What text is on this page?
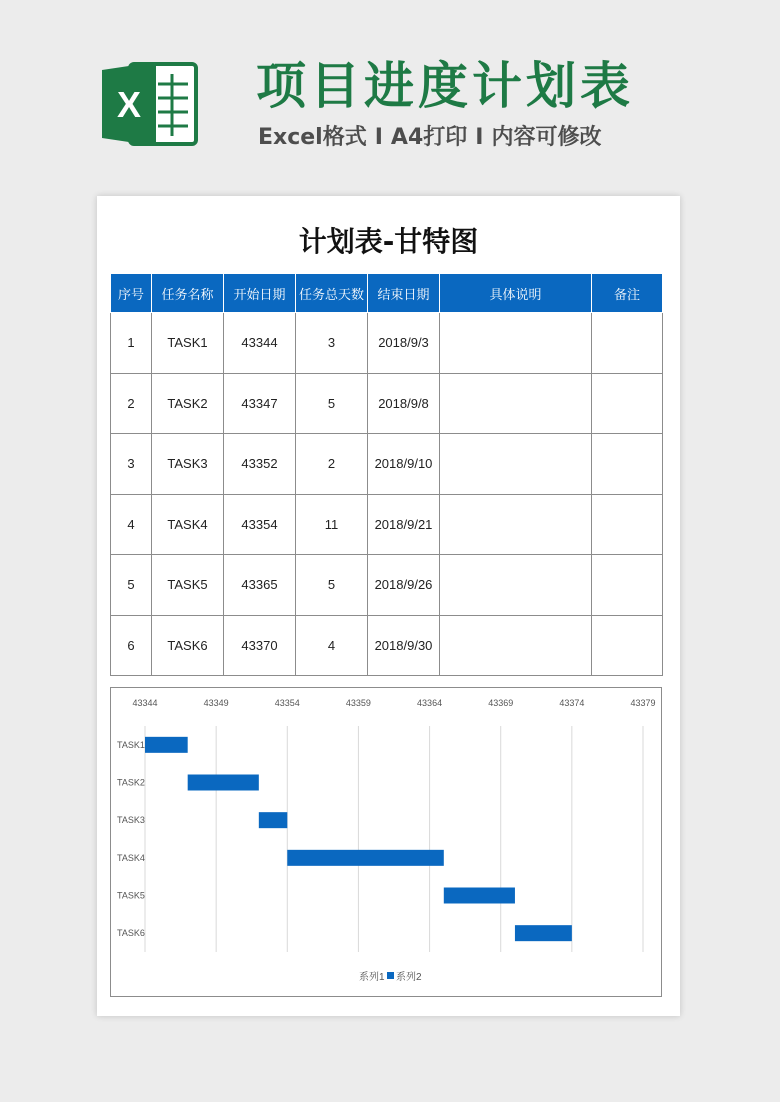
X 项目进度计划表
Excel格式 I A4打印 I 内容可修改
计划表-甘特图
序号	任务名称	开始日期	任务总天数	结束日期	具体说明	备注
1	TASK1	43344	3	2018/9/3		
2	TASK2	43347	5	2018/9/8		
3	TASK3	43352	2	2018/9/10		
4	TASK4	43354	11	2018/9/21		
5	TASK5	43365	5	2018/9/26		
6	TASK6	43370	4	2018/9/30		
43344	43349	43354	43359	43364	43369	43374	43379
TASK1
TASK2
TASK3
TASK4
TASK5
TASK6
系列1 系列2
